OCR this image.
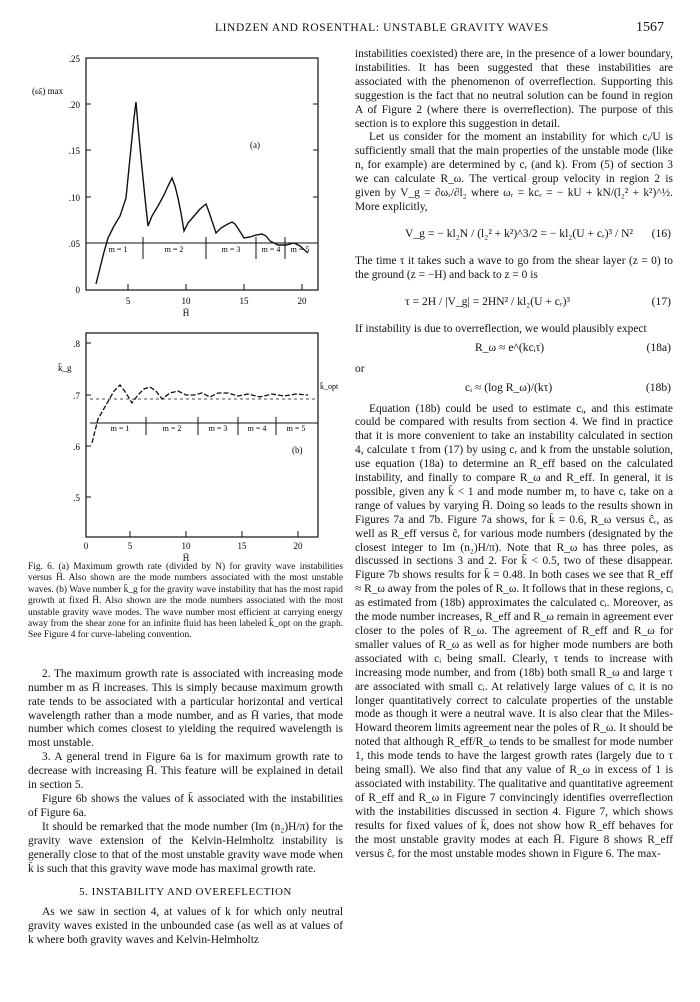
LINDZEN AND ROSENTHAL: UNSTABLE GRAVITY WAVES	1567
.25
.20
.15
.10
.05
0
5	10	15	20
H̄
(ω̄ᵢ) max
(a)
m = 1	m = 2	m = 3	m = 4 m = 5
.8
.7
.6
.5
0	5	10	15	20
H̄
k̄_g
(b)
k̄_opt
m = 1	m = 2	m = 3	m = 4	m = 5

Fig. 6. (a) Maximum growth rate (divided by N) for gravity wave instabilities versus H̄. Also shown are the mode numbers associated with the most unstable waves. (b) Wave number k̄_g for the gravity wave instability that has the most rapid growth at fixed H̄. Also shown are the mode numbers associated with the most unstable gravity wave modes. The wave number most efficient at carrying energy away from the shear zone for an infinite fluid has been labeled k̄_opt on the graph. See Figure 4 for curve-labeling convention.

2. The maximum growth rate is associated with increasing mode number m as H̄ increases. This is simply because maximum growth rate tends to be associated with a particular horizontal and vertical wavelength rather than a mode number, and as H̄ varies, that mode number which comes closest to yielding the required wavelength is most unstable.

3. A general trend in Figure 6a is for maximum growth rate to decrease with increasing H̄. This feature will be explained in detail in section 5.

Figure 6b shows the values of k̄ associated with the instabilities of Figure 6a.

It should be remarked that the mode number (Im (n₂)H/π) for the gravity wave extension of the Kelvin-Helmholtz instability is generally close to that of the most unstable gravity wave mode when k̄ is such that this gravity wave mode has maximal growth rate.

5. INSTABILITY AND OVEREFLECTION

As we saw in section 4, at values of k for which only neutral gravity waves existed in the unbounded case (as well as at values of k where both gravity waves and Kelvin-Helmholtz

instabilities coexisted) there are, in the presence of a lower boundary, instabilities. It has been suggested that these instabilities are associated with the phenomenon of overreflection. Supporting this suggestion is the fact that no neutral solution can be found in region A of Figure 2 (where there is overreflection). The purpose of this section is to explore this suggestion in detail.

Let us consider for the moment an instability for which cᵢ/U is sufficiently small that the main properties of the unstable mode (like n, for example) are determined by cᵣ (and k). From (5) of section 3 we can calculate R_ω. The vertical group velocity in region 2 is given by V_g = ∂ωᵣ/∂l₂ where ωᵣ = kcᵣ = − kU + kN/(l₂² + k²)^½. More explicitly,

V_g = − kl₂N / (l₂² + k²)^3/2 = − kl₂(U + cᵣ)³ / N² (16)

The time τ it takes such a wave to go from the shear layer (z = 0) to the ground (z = −H) and back to z = 0 is

τ = 2H / |V_g| = 2HN² / kl₂(U + cᵣ)³	(17)

If instability is due to overreflection, we would plausibly expect

R_ω ≈ e^(kcᵢτ)	(18a)

or

cᵢ ≈ (log R_ω)/(kτ)	(18b)

Equation (18b) could be used to estimate cᵢ, and this estimate could be compared with results from section 4. We find in practice that it is more convenient to take an instability calculated in section 4, calculate τ from (17) by using cᵣ and k from the unstable solution, use equation (18a) to determine an R_eff based on the calculated instability, and finally to compare R_ω and R_eff. In general, it is possible, given any k̄ < 1 and mode number m, to have cᵣ take on a range of values by varying H̄. Doing so leads to the results shown in Figures 7a and 7b. Figure 7a shows, for k̄ = 0.6, R_ω versus ĉᵣ, as well as R_eff versus ĉᵣ for various mode numbers (designated by the closest integer to Im (n₂)H/π). Note that R_ω has three poles, as discussed in sections 3 and 2. For k̄ < 0.5, two of these disappear. Figure 7b shows results for k̄ = 0.48. In both cases we see that R_eff ≈ R_ω away from the poles of R_ω. It follows that in these regions, cᵢ as estimated from (18b) approximates the calculated cᵢ. Moreover, as the mode number increases, R_eff and R_ω remain in agreement ever closer to the poles of R_ω. The agreement of R_eff and R_ω for smaller values of R_ω as well as for higher mode numbers are both associated with cᵢ being small. Clearly, τ tends to increase with increasing mode number, and from (18b) both small R_ω and large τ are associated with small cᵢ. At relatively large values of cᵢ it is no longer quantitatively correct to calculate properties of the unstable mode as though it were a neutral wave. It is also clear that the Miles-Howard theorem limits agreement near the poles of R_ω. It should be noted that although R_eff/R_ω tends to be smallest for mode number 1, this mode tends to have the largest growth rates (largely due to τ being small). We also find that any value of R_ω in excess of 1 is associated with instability. The qualitative and quantitative agreement of R_eff and R_ω in Figure 7 convincingly identifies overreflection with the instabilities discussed in section 4. Figure 7, which shows results for fixed values of k̄, does not show how R_eff behaves for the most unstable gravity modes at each H̄. Figure 8 shows R_eff versus ĉᵣ for the most unstable modes shown in Figure 6. The max-
